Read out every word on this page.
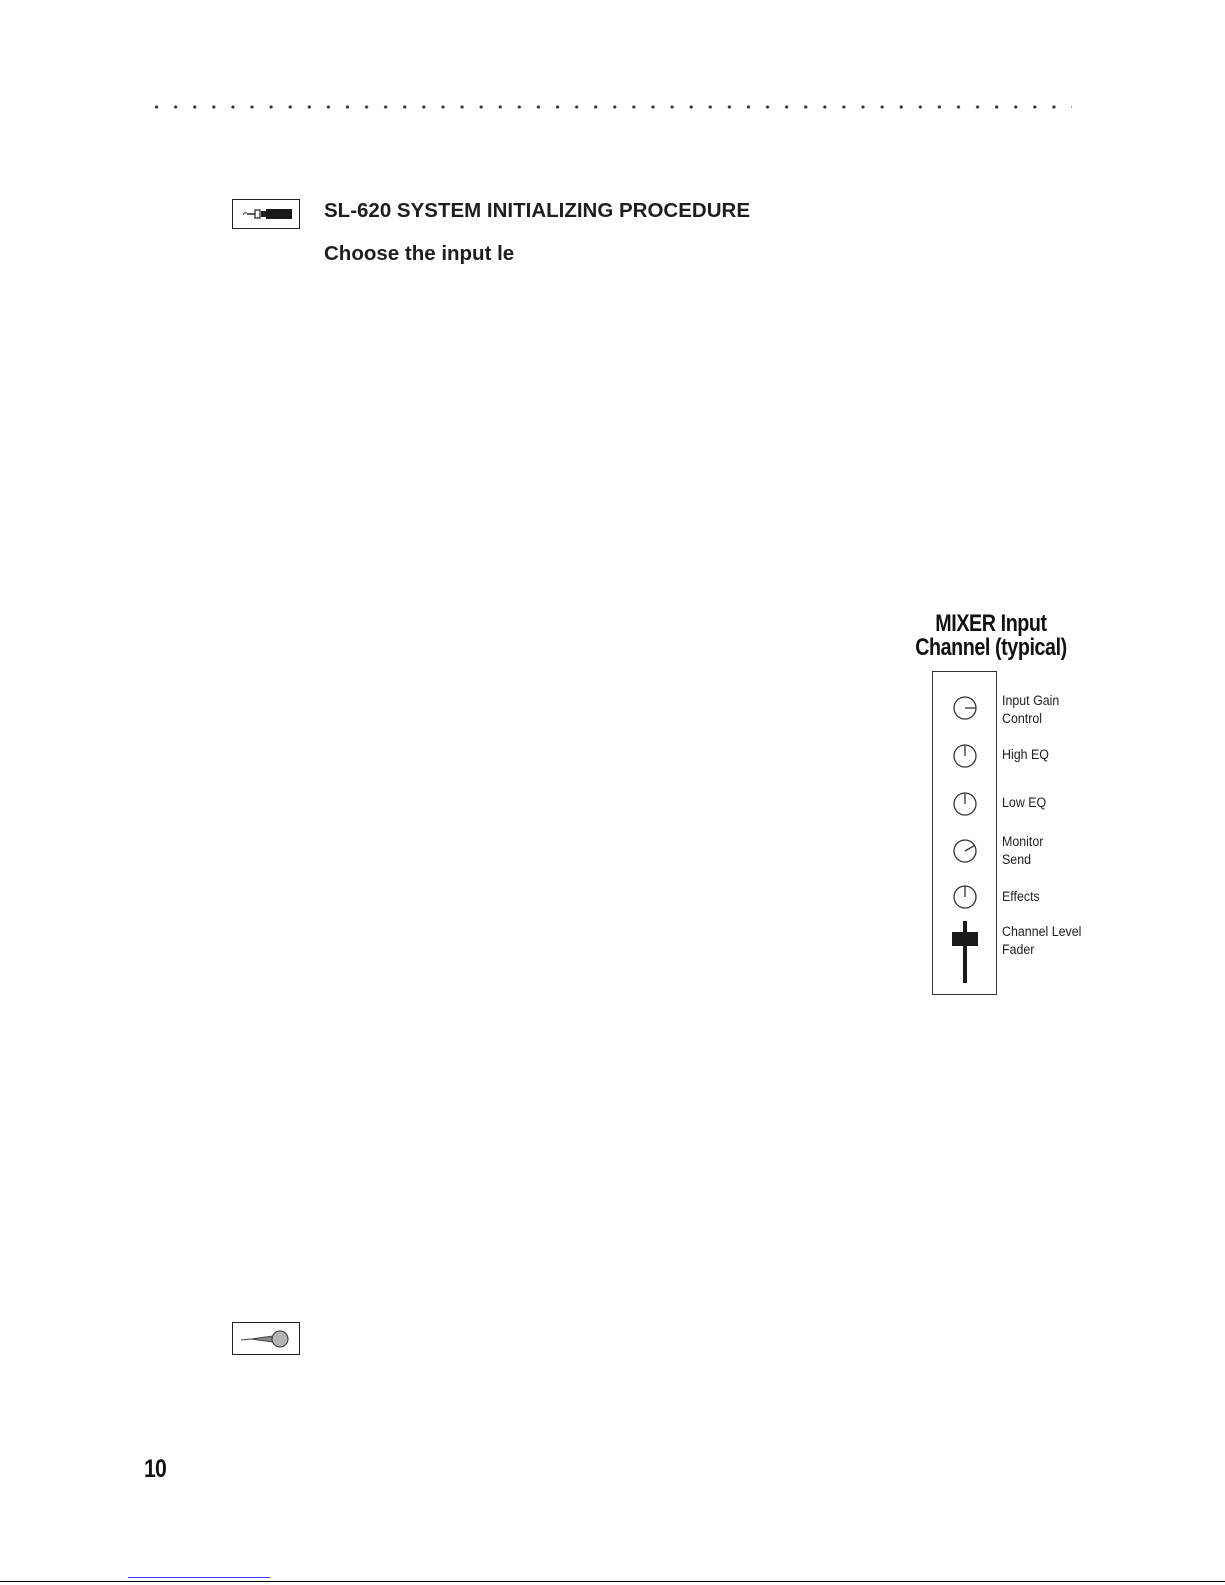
SL-620 SYSTEM INITIALIZING PROCEDURE
Choose the input le
MIXER Input
Channel (typical)
Input Gain
Control
High EQ
Low EQ
Monitor
Send
Effects
Channel Level
Fader
10
